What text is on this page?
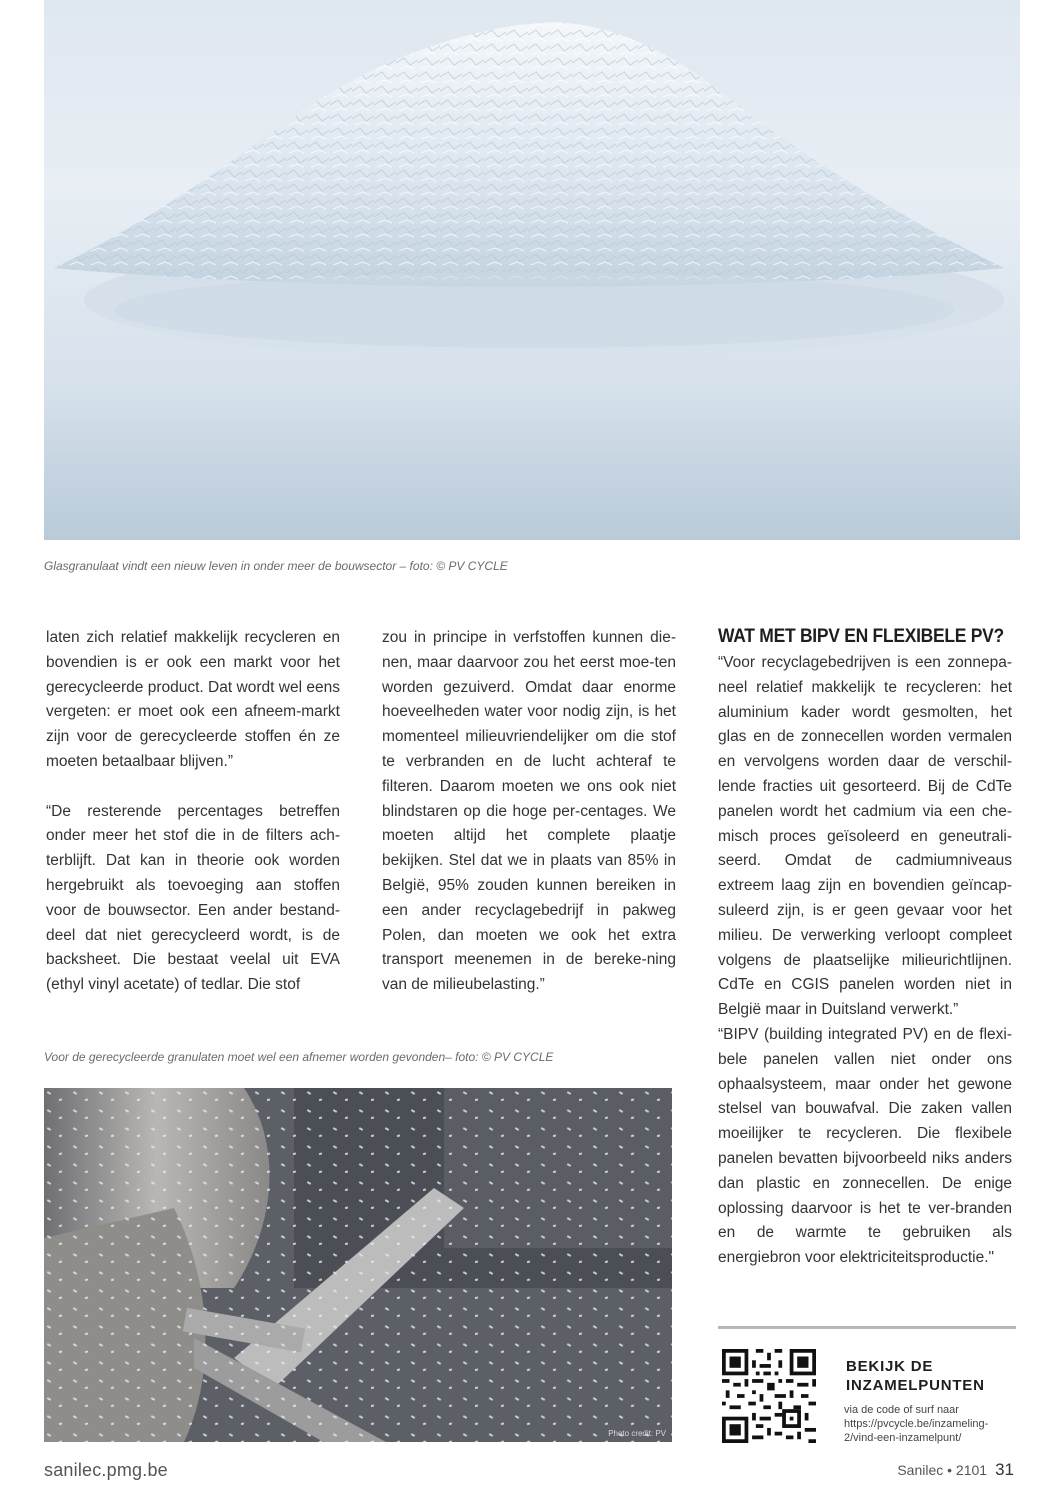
Glasgranulaat vindt een nieuw leven in onder meer de bouwsector – foto: © PV CYCLE

laten zich relatief makkelijk recycleren en bovendien is er ook een markt voor het gerecycleerde product. Dat wordt wel eens vergeten: er moet ook een afneem-markt zijn voor de gerecycleerde stoffen én ze moeten betaalbaar blijven.”

“De resterende percentages betreffen onder meer het stof die in de filters ach-terblijft. Dat kan in theorie ook worden hergebruikt als toevoeging aan stoffen voor de bouwsector. Een ander bestand-deel dat niet gerecycleerd wordt, is de backsheet. Die bestaat veelal uit EVA (ethyl vinyl acetate) of tedlar. Die stof

zou in principe in verfstoffen kunnen die-nen, maar daarvoor zou het eerst moe-ten worden gezuiverd. Omdat daar enorme hoeveelheden water voor nodig zijn, is het momenteel milieuvriendelijker om die stof te verbranden en de lucht achteraf te filteren. Daarom moeten we ons ook niet blindstaren op die hoge per-centages. We moeten altijd het complete plaatje bekijken. Stel dat we in plaats van 85% in België, 95% zouden kunnen bereiken in een ander recyclagebedrijf in pakweg Polen, dan moeten we ook het extra transport meenemen in de bereke-ning van de milieubelasting.”

WAT MET BIPV EN FLEXIBELE PV?

“Voor recyclagebedrijven is een zonnepa-neel relatief makkelijk te recycleren: het aluminium kader wordt gesmolten, het glas en de zonnecellen worden vermalen en vervolgens worden daar de verschil-lende fracties uit gesorteerd. Bij de CdTe panelen wordt het cadmium via een che-misch proces geïsoleerd en geneutrali-seerd. Omdat de cadmiumniveaus extreem laag zijn en bovendien geïncap-suleerd zijn, is er geen gevaar voor het milieu. De verwerking verloopt compleet volgens de plaatselijke milieurichtlijnen. CdTe en CGIS panelen worden niet in België maar in Duitsland verwerkt.”

“BIPV (building integrated PV) en de flexi-bele panelen vallen niet onder ons ophaalsysteem, maar onder het gewone stelsel van bouwafval. Die zaken vallen moeilijker te recycleren. Die flexibele panelen bevatten bijvoorbeeld niks anders dan plastic en zonnecellen. De enige oplossing daarvoor is het te ver-branden en de warmte te gebruiken als energiebron voor elektriciteitsproductie."

Voor de gerecycleerde granulaten moet wel een afnemer worden gevonden– foto: © PV CYCLE
Photo credit: PV
BEKIJK DE
INZAMELPUNTEN
via de code of surf naar
https://pvcycle.be/inzameling-
2/vind-een-inzamelpunt/
sanilec.pmg.be	Sanilec • 2101 31
